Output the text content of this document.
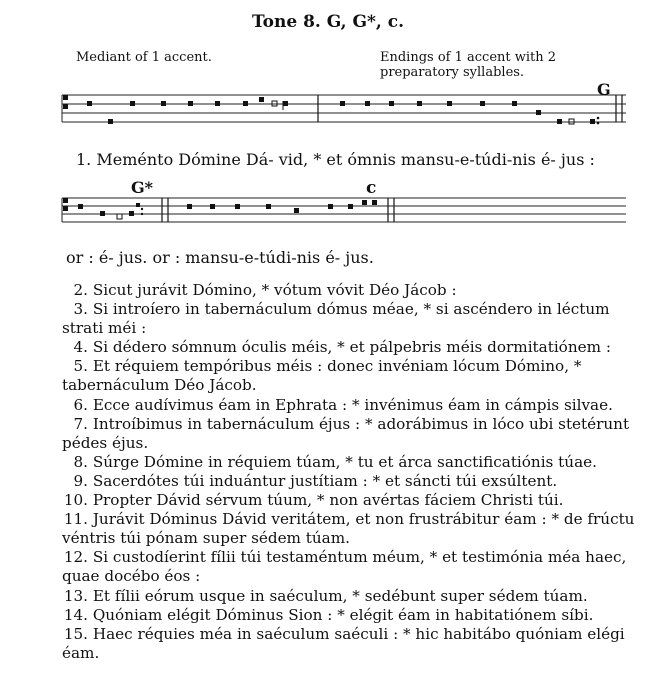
Tone 8. G, G*, c.
Mediant of 1 accent.	Endings of 1 accent with 2 preparatory syllables.
G
1. Meménto Dómine Dá- vid, * et ómnis mansu-e-túdi-nis é- jus :
G*	c
or : é- jus. or : mansu-e-túdi-nis é- jus.
2. Sicut jurávit Dómino, * vótum vóvit Déo Jácob :
3. Si introíero in tabernáculum dómus méae, * si ascéndero in léctum strati méi :
4. Si dédero sómnum óculis méis, * et pálpebris méis dormitatiónem :
5. Et réquiem tempóribus méis : donec invéniam lócum Dómino, * tabernáculum Déo Jácob.
6. Ecce audívimus éam in Ephrata : * invénimus éam in cámpis silvae.
7. Introíbimus in tabernáculum éjus : * adorábimus in lóco ubi stetérunt pédes éjus.
8. Súrge Dómine in réquiem túam, * tu et árca sanctificatiónis túae.
9. Sacerdótes túi induántur justítiam : * et sáncti túi exsúltent.
10. Propter Dávid sérvum túum, * non avértas fáciem Christi túi.
11. Jurávit Dóminus Dávid veritátem, et non frustrábitur éam : * de frúctu véntris túi pónam super sédem túam.
12. Si custodíerint fílii túi testaméntum méum, * et testimónia méa haec, quae docébo éos :
13. Et fílii eórum usque in saéculum, * sedébunt super sédem túam.
14. Quóniam elégit Dóminus Sion : * elégit éam in habitatiónem síbi.
15. Haec réquies méa in saéculum saéculi : * hic habitábo quóniam elégi éam.
